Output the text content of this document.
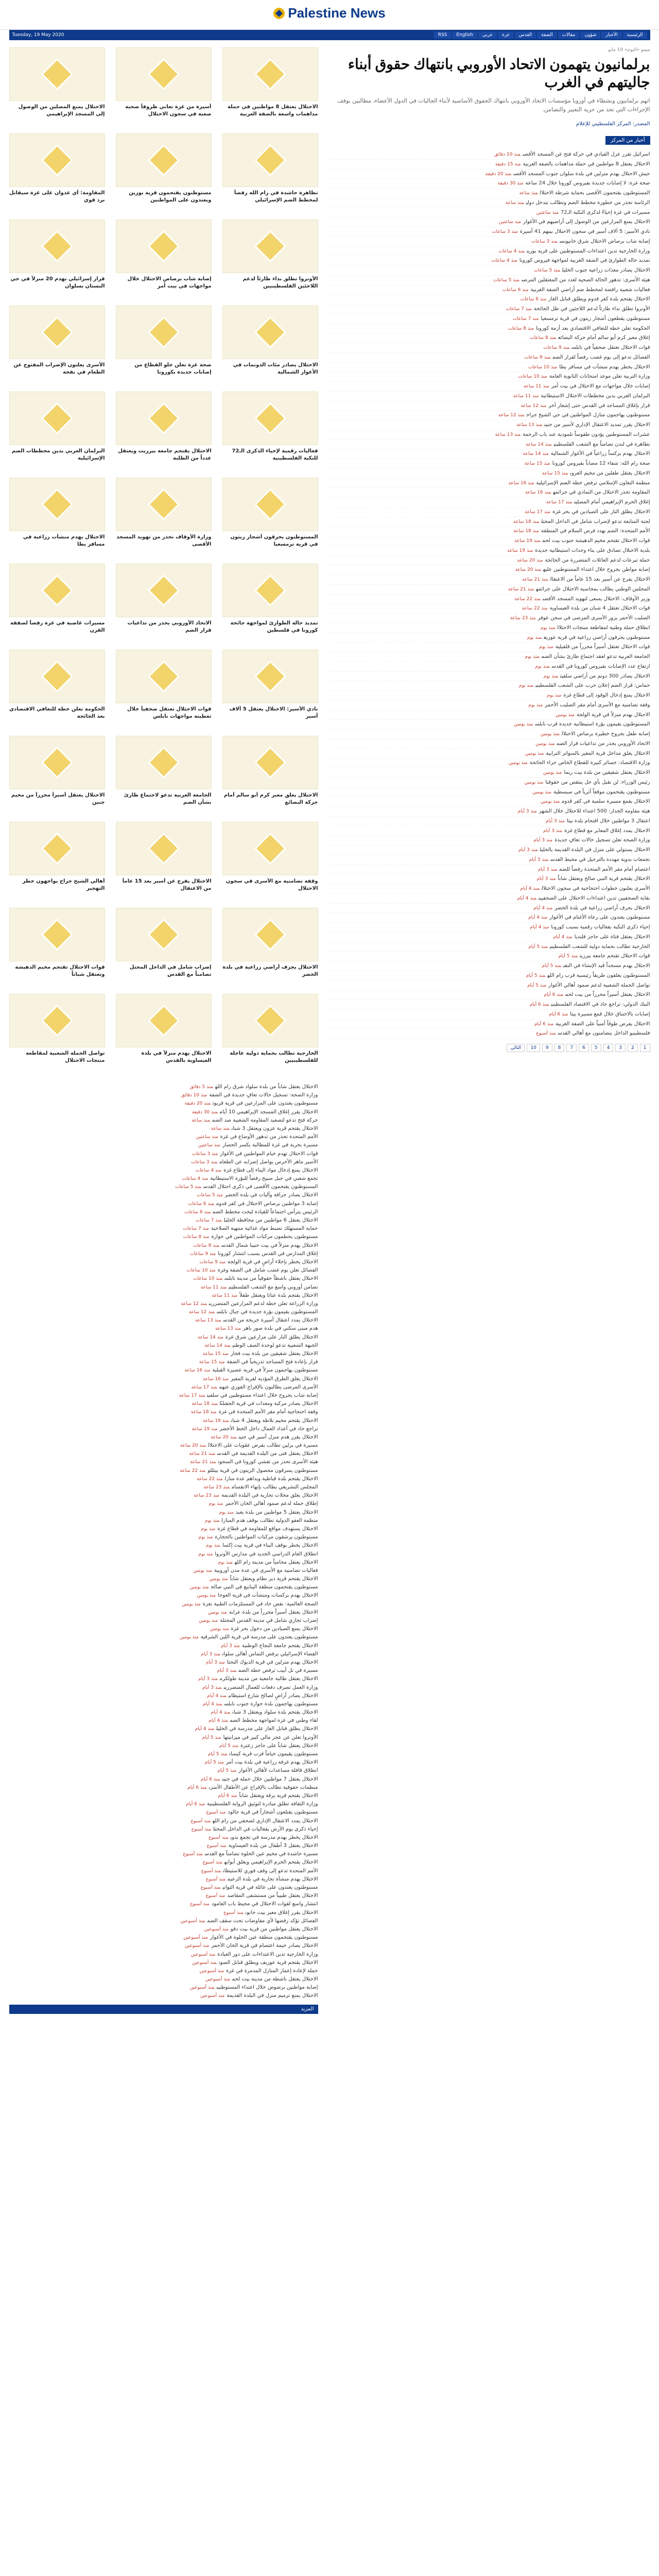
Palestine News
Tuesday, 19 May 2020	الرئيسية
الأخبار
شؤون
مقالات
الضفة
القدس
غزة
عربي
English
RSS

الاحتلال يعتقل 8 مواطنين في حملة مداهمات واسعة بالضفة الغربية

أسيرة من غزة تعاني ظروفاً صحية صعبة في سجون الاحتلال

الاحتلال يمنع المصلين من الوصول إلى المسجد الإبراهيمي

تظاهرة حاشدة في رام الله رفضاً لمخطط الضم الإسرائيلي

مستوطنون يقتحمون قرية بورين ويعتدون على المواطنين

المقاومة: أي عدوان على غزة سيقابل برد قوي

الأونروا تطلق نداء طارئاً لدعم اللاجئين الفلسطينيين

إصابة شاب برصاص الاحتلال خلال مواجهات في بيت أمر

قرار إسرائيلي بهدم 20 منزلاً في حي البستان بسلوان

الاحتلال يصادر مئات الدونمات في الأغوار الشمالية

صحة غزة تعلن خلو القطاع من إصابات جديدة بكورونا

الأسرى يعلنون الإضراب المفتوح عن الطعام في نفحة

فعاليات رقمية لإحياء الذكرى الـ72 للنكبة الفلسطينية

الاحتلال يقتحم جامعة بيرزيت ويعتقل عدداً من الطلبة

البرلمان العربي يدين مخططات الضم الإسرائيلية

المستوطنون يحرقون أشجار زيتون في قرية ترمسعيا

وزارة الأوقاف تحذر من تهويد المسجد الأقصى

الاحتلال يهدم منشآت زراعية في مسافر يطا

تمديد حالة الطوارئ لمواجهة جائحة كورونا في فلسطين

الاتحاد الأوروبي يحذر من تداعيات قرار الضم

مسيرات غاضبة في غزة رفضاً لصفقة القرن

نادي الأسير: الاحتلال يعتقل 5 آلاف أسير

قوات الاحتلال تعتقل صحفياً خلال تغطيته مواجهات نابلس

الحكومة تعلن خطة للتعافي الاقتصادي بعد الجائحة

الاحتلال يغلق معبر كرم أبو سالم أمام حركة البضائع

الجامعة العربية تدعو لاجتماع طارئ بشأن الضم

الاحتلال يعتقل أسيراً محرراً من مخيم جنين

وقفة تضامنية مع الأسرى في سجون الاحتلال

الاحتلال يفرج عن أسير بعد 15 عاماً من الاعتقال

أهالي الشيخ جراح يواجهون خطر التهجير

الاحتلال يجرف أراضي زراعية في بلدة الخضر

إضراب شامل في الداخل المحتل تضامناً مع القدس

قوات الاحتلال تقتحم مخيم الدهيشة وتعتقل شباناً

الخارجية تطالب بحماية دولية عاجلة للفلسطينيين

الاحتلال يهدم منزلاً في بلدة العيساوية بالقدس

تواصل الحملة الشعبية لمقاطعة منتجات الاحتلال

الاحتلال يعتقل شاباً من بلدة سلواد شرق رام اللهمنذ 5 دقائق
وزارة الصحة: تسجيل حالات تعافٍ جديدة في الضفةمنذ 10 دقائق
مستوطنون يعتدون على المزارعين في قرية قريوتمنذ 20 دقيقة
الاحتلال يقرر إغلاق المسجد الإبراهيمي 10 أياممنذ 30 دقيقة
حركة فتح تدعو لتصعيد المقاومة الشعبية ضد الضممنذ ساعة
الاحتلال يقتحم قرية عزون ويعتقل 3 شبانمنذ ساعة
الأمم المتحدة تحذر من تدهور الأوضاع في غزةمنذ ساعتين
مسيرة بحرية في غزة للمطالبة بكسر الحصارمنذ ساعتين
قوات الاحتلال تهدم خيام المواطنين في الأغوارمنذ 3 ساعات
الأسير ماهر الأخرس يواصل إضرابه عن الطعاممنذ 3 ساعات
الاحتلال يمنع إدخال مواد البناء إلى قطاع غزةمنذ 4 ساعات
تجمع شعبي في جبل صبيح رفضاً للبؤرة الاستيطانيةمنذ 4 ساعات
المستوطنون يقتحمون الأقصى في ذكرى احتلال القدسمنذ 5 ساعات
الاحتلال يصادر جرافة وآليات في بلدة الخضرمنذ 5 ساعات
إصابة 3 مواطنين برصاص الاحتلال في كفر قدوممنذ 6 ساعات
الرئيس يترأس اجتماعاً للقيادة لبحث مخطط الضممنذ 6 ساعات
الاحتلال يعتقل 6 مواطنين من محافظة الخليلمنذ 7 ساعات
حماية المستهلك تضبط مواد غذائية منتهية الصلاحيةمنذ 7 ساعات
مستوطنون يحطمون مركبات المواطنين في حوارةمنذ 8 ساعات
الاحتلال يهدم منزلاً في بيت حنينا شمال القدسمنذ 8 ساعات
إغلاق المدارس في القدس بسبب انتشار كورونامنذ 9 ساعات
الاحتلال يخطر بإخلاء أراضٍ في قرية الولجةمنذ 9 ساعات
الفصائل تعلن يوم غضب شامل في الضفة وغزةمنذ 10 ساعات
الاحتلال يعتقل ناشطاً حقوقياً من مدينة نابلسمنذ 10 ساعات
تضامن أوروبي واسع مع الشعب الفلسطينيمنذ 11 ساعة
الاحتلال يقتحم بلدة عناتا ويعتقل طفلاًمنذ 11 ساعة
وزارة الزراعة تعلن خطة لدعم المزارعين المتضررينمنذ 12 ساعة
المستوطنون يقيمون بؤرة جديدة في جبال نابلسمنذ 12 ساعة
الاحتلال يمدد اعتقال أسيرة جريحة من القدسمنذ 13 ساعة
هدم مبنى سكني في بلدة صور باهرمنذ 13 ساعة
الاحتلال يطلق النار على مزارعين شرق غزةمنذ 14 ساعة
الجبهة الشعبية تدعو لوحدة الصف الوطنيمنذ 14 ساعة
الاحتلال يعتقل شقيقين من بلدة بيت فجارمنذ 15 ساعة
قرار بإعادة فتح المساجد تدريجياً في الضفةمنذ 15 ساعة
مستوطنون يهاجمون منزلاً في قرية عصيرة القبليةمنذ 16 ساعة
الاحتلال يغلق الطرق المؤدية لقرية المغيرمنذ 16 ساعة
الأسرى المرضى يطالبون بالإفراج الفوري عنهممنذ 17 ساعة
إصابة شاب بجروح خلال اعتداء مستوطنين في سلفيتمنذ 17 ساعة
الاحتلال يصادر مركبة ومعدات في قرية الجفتلكمنذ 18 ساعة
وقفة احتجاجية أمام مقر الأمم المتحدة في غزةمنذ 18 ساعة
الاحتلال يقتحم مخيم بلاطة ويعتقل 4 شبانمنذ 19 ساعة
تراجع حاد في أعداد العمال داخل الخط الأخضرمنذ 19 ساعة
الاحتلال يقرر هدم منزل أسير في جنينمنذ 20 ساعة
مسيرة في برلين تطالب بفرض عقوبات على الاحتلالمنذ 20 ساعة
الاحتلال يعتقل فتى من البلدة القديمة في القدسمنذ 21 ساعة
هيئة الأسرى تحذر من تفشي كورونا في السجونمنذ 21 ساعة
مستوطنون يسرقون محصول الزيتون في قرية بيتللومنذ 22 ساعة
الاحتلال يقتحم بلدة قباطية ويداهم عدة منازلمنذ 22 ساعة
المجلس التشريعي يطالب بإنهاء الانقساممنذ 23 ساعة
الاحتلال يغلق محلات تجارية في البلدة القديمةمنذ 23 ساعة
إطلاق حملة لدعم صمود أهالي الخان الأحمرمنذ يوم
الاحتلال يعتقل 5 مواطنين من بلدة يعبدمنذ يوم
منظمة العفو الدولية تطالب بوقف هدم المنازلمنذ يوم
الاحتلال يستهدف مواقع للمقاومة في قطاع غزةمنذ يوم
مستوطنون يرشقون مركبات المواطنين بالحجارةمنذ يوم
الاحتلال يخطر بوقف البناء في قرية بيت إكسامنذ يوم
انطلاق العام الدراسي الجديد في مدارس الأونروامنذ يوم
الاحتلال يعتقل محامياً من مدينة رام اللهمنذ يوم
فعاليات تضامنية مع الأسرى في عدة مدن أوروبيةمنذ يومين
الاحتلال يقتحم قرية دير نظام ويعتقل شاباًمنذ يومين
مستوطنون يقتحمون منطقة الينابيع في النبي صالحمنذ يومين
الاحتلال يهدم بركسات ومنشآت في قرية العوجامنذ يومين
الصحة العالمية: نقص حاد في المستلزمات الطبية بغزةمنذ يومين
الاحتلال يعتقل أسيراً محرراً من بلدة عرابةمنذ يومين
إضراب تجاري شامل في مدينة القدس المحتلةمنذ يومين
الاحتلال يمنع الصيادين من دخول بحر غزةمنذ يومين
مستوطنون يعتدون على مدرسة في قرية اللبن الشرقيةمنذ يومين
الاحتلال يقتحم جامعة النجاح الوطنيةمنذ 3 أيام
القضاء الإسرائيلي يرفض التماس أهالي سلوانمنذ 3 أيام
الاحتلال يهدم منزلين في قرية الديوك التحتامنذ 3 أيام
مسيرة في تل أبيب ترفض خطة الضممنذ 3 أيام
الاحتلال يعتقل طالبة جامعية من مدينة طولكرممنذ 3 أيام
وزارة العمل تصرف دفعات للعمال المتضررينمنذ 3 أيام
الاحتلال يصادر أراضٍ لصالح شارع استيطانيمنذ 4 أيام
مستوطنون يهاجمون بلدة حوارة جنوب نابلسمنذ 4 أيام
الاحتلال يقتحم بلدة سلواد ويعتقل 3 شبانمنذ 4 أيام
لقاء وطني في غزة لمواجهة مخطط الضممنذ 4 أيام
الاحتلال يطلق قنابل الغاز على مدرسة في الخليلمنذ 4 أيام
الأونروا تعلن عن عجز مالي كبير في ميزانيتهامنذ 5 أيام
الاحتلال يعتقل شاباً على حاجز زعترةمنذ 5 أيام
مستوطنون يقيمون خياماً قرب قرية كيسانمنذ 5 أيام
الاحتلال يهدم غرفة زراعية في بلدة بيت أمرمنذ 5 أيام
انطلاق قافلة مساعدات لأهالي الأغوارمنذ 5 أيام
الاحتلال يعتقل 7 مواطنين خلال حملة في جنينمنذ 6 أيام
منظمات حقوقية تطالب بالإفراج عن الأطفال الأسرىمنذ 6 أيام
الاحتلال يقتحم قرية برقة ويعتقل شاباًمنذ 6 أيام
وزارة الثقافة تطلق مبادرة لتوثيق الرواية الفلسطينيةمنذ 6 أيام
مستوطنون يقتلعون أشجاراً في قرية جالودمنذ أسبوع
الاحتلال يمدد الاعتقال الإداري لصحفي من رام اللهمنذ أسبوع
إحياء ذكرى يوم الأرض بفعاليات في الداخل المحتلمنذ أسبوع
الاحتلال يخطر بهدم مدرسة في تجمع بدويمنذ أسبوع
الاحتلال يعتقل 3 أطفال من بلدة العيساويةمنذ أسبوع
مسيرة حاشدة في مخيم عين الحلوة تضامناً مع القدسمنذ أسبوع
الاحتلال يقتحم الحرم الإبراهيمي ويغلق أبوابهمنذ أسبوع
الأمم المتحدة تدعو إلى وقف فوري للاستيطانمنذ أسبوع
الاحتلال يهدم منشأة تجارية في بلدة الزعيممنذ أسبوع
مستوطنون يعتدون على عائلة في قرية التوانيمنذ أسبوع
الاحتلال يعتقل طبيباً من مستشفى المقاصدمنذ أسبوع
انتشار واسع لقوات الاحتلال في محيط باب العامودمنذ أسبوع
الاحتلال يقرر إغلاق معبر بيت حانونمنذ أسبوع
الفصائل تؤكد رفضها لأي مفاوضات تحت سقف الضممنذ أسبوعين
الاحتلال يعتقل مواطنين من قرية بيت دقومنذ أسبوعين
مستوطنون يقتحمون منطقة عين الحلوة في الأغوارمنذ أسبوعين
الاحتلال يصادر خيمة اعتصام في قرية الخان الأحمرمنذ أسبوعين
وزارة الخارجية تدين الاعتداءات على دور العبادةمنذ أسبوعين
الاحتلال يقتحم قرية عوريف ويطلق قنابل الصوتمنذ أسبوعين
حملة لإعادة إعمار المنازل المدمرة في غزةمنذ أسبوعين
الاحتلال يعتقل ناشطة من مدينة بيت لحممنذ أسبوعين
إصابة مواطنين برضوض خلال اعتداء المستوطنينمنذ أسبوعين
الاحتلال يمنع ترميم منزل في البلدة القديمةمنذ أسبوعين
المزيد
ميمو «اليوم» 19 مايو
برلمانيون يتهمون الاتحاد الأوروبي بانتهاك حقوق أبناء جاليتهم في الغرب

اتهم برلمانيون ونشطاء في أوروبا مؤسسات الاتحاد الأوروبي بانتهاك الحقوق الأساسية لأبناء الجاليات في الدول الأعضاء، مطالبين بوقف الإجراءات التي تحد من حرية التعبير والتضامن.

المصدر: المركز الفلسطيني للإعلام
أخبار من المركز
اسرائيل تقرر عزل القيادي في حركة فتح عن المسجد الأقصىمنذ 10 دقائق
الاحتلال يعتقل 8 مواطنين في حملة مداهمات بالضفة الغربيةمنذ 15 دقيقة
جيش الاحتلال يهدم منزلين في بلدة سلوان جنوب المسجد الأقصىمنذ 20 دقيقة
صحة غزة: لا إصابات جديدة بفيروس كورونا خلال 24 ساعةمنذ 30 دقيقة
المستوطنون يقتحمون الأقصى بحماية شرطة الاحتلالمنذ ساعة
الرئاسة تحذر من خطورة مخطط الضم وتطالب بتدخل دوليمنذ ساعة
مسيرات في غزة إحياءً لذكرى النكبة الـ72منذ ساعتين
الاحتلال يمنع المزارعين من الوصول إلى أراضيهم في الأغوارمنذ ساعتين
نادي الأسير: 5 آلاف أسير في سجون الاحتلال بينهم 41 أسيرةمنذ 3 ساعات
إصابة شاب برصاص الاحتلال شرق خانيونسمنذ 3 ساعات
وزارة الخارجية تدين اعتداءات المستوطنين على قرية بورينمنذ 4 ساعات
تمديد حالة الطوارئ في الضفة الغربية لمواجهة فيروس كورونامنذ 4 ساعات
الاحتلال يصادر معدات زراعية جنوب الخليلمنذ 5 ساعات
هيئة الأسرى: تدهور الحالة الصحية لعدد من المعتقلين المرضىمنذ 5 ساعات
فعاليات شعبية رافضة لمخطط ضم أراضي الضفة الغربيةمنذ 6 ساعات
الاحتلال يقتحم بلدة كفر قدوم ويطلق قنابل الغازمنذ 6 ساعات
الأونروا تطلق نداء طارئاً لدعم اللاجئين في ظل الجائحةمنذ 7 ساعات
مستوطنون يقطعون أشجار زيتون في قرية ترمسعيامنذ 7 ساعات
الحكومة تعلن خطة للتعافي الاقتصادي بعد أزمة كورونامنذ 8 ساعات
إغلاق معبر كرم أبو سالم أمام حركة البضائعمنذ 8 ساعات
قوات الاحتلال تعتقل صحفياً في نابلسمنذ 9 ساعات
الفصائل تدعو إلى يوم غضب رفضاً لقرار الضممنذ 9 ساعات
الاحتلال يخطر بهدم منشآت في مسافر يطامنذ 10 ساعات
وزارة التربية تعلن موعد امتحانات الثانوية العامةمنذ 10 ساعات
إصابات خلال مواجهات مع الاحتلال في بيت أمرمنذ 11 ساعة
البرلمان العربي يدين مخططات الاحتلال الاستيطانيةمنذ 11 ساعة
قرار بإغلاق المساجد في القدس حتى إشعار آخرمنذ 12 ساعة
مستوطنون يهاجمون منازل المواطنين في حي الشيخ جراحمنذ 12 ساعة
الاحتلال يقرر تمديد الاعتقال الإداري لأسير من جنينمنذ 13 ساعة
عشرات المستوطنين يؤدون طقوساً تلمودية عند باب الرحمةمنذ 13 ساعة
تظاهرة في لندن تضامناً مع الشعب الفلسطينيمنذ 14 ساعة
الاحتلال يهدم بركساً زراعياً في الأغوار الشماليةمنذ 14 ساعة
صحة رام الله: شفاء 12 مصاباً بفيروس كورونامنذ 15 ساعة
الاحتلال يعتقل طفلين من مخيم العروبمنذ 15 ساعة
منظمة التعاون الإسلامي ترفض خطة الضم الإسرائيليةمنذ 16 ساعة
المقاومة تحذر الاحتلال من التمادي في جرائمهمنذ 16 ساعة
إغلاق الحرم الإبراهيمي أمام المصلينمنذ 17 ساعة
الاحتلال يطلق النار على الصيادين في بحر غزةمنذ 17 ساعة
لجنة المتابعة تدعو لإضراب شامل في الداخل المحتلمنذ 18 ساعة
الأمم المتحدة: الضم يهدد فرص السلام في المنطقةمنذ 18 ساعة
قوات الاحتلال تقتحم مخيم الدهيشة جنوب بيت لحممنذ 19 ساعة
بلدية الاحتلال تصادق على بناء وحدات استيطانية جديدةمنذ 19 ساعة
حملة تبرعات لدعم العائلات المتضررة من الجائحةمنذ 20 ساعة
إصابة مواطن بجروح خلال اعتداء المستوطنين عليهمنذ 20 ساعة
الاحتلال يفرج عن أسير بعد 15 عاماً من الاعتقالمنذ 21 ساعة
المجلس الوطني يطالب بمحاسبة الاحتلال على جرائمهمنذ 21 ساعة
وزير الأوقاف: الاحتلال يسعى لتهويد المسجد الأقصىمنذ 22 ساعة
قوات الاحتلال تعتقل 4 شبان من بلدة العيساويةمنذ 22 ساعة
الصليب الأحمر يزور الأسرى المرضى في سجن عوفرمنذ 23 ساعة
انطلاق حملة وطنية لمقاطعة منتجات الاحتلالمنذ يوم
مستوطنون يحرقون أراضي زراعية في قرية عوريفمنذ يوم
قوات الاحتلال تعتقل أسيراً محرراً من قلقيليةمنذ يوم
الجامعة العربية تدعو لعقد اجتماع طارئ بشأن الضممنذ يوم
ارتفاع عدد الإصابات بفيروس كورونا في القدسمنذ يوم
الاحتلال يصادر 300 دونم من أراضي سلفيتمنذ يوم
حماس: قرار الضم إعلان حرب على الشعب الفلسطينيمنذ يوم
الاحتلال يمنع إدخال الوقود إلى قطاع غزةمنذ يوم
وقفة تضامنية مع الأسرى أمام مقر الصليب الأحمرمنذ يوم
الاحتلال يهدم منزلاً في قرية الولجةمنذ يومين
المستوطنون يقيمون بؤرة استيطانية جديدة قرب نابلسمنذ يومين
إصابة طفل بجروح خطيرة برصاص الاحتلالمنذ يومين
الاتحاد الأوروبي يحذر من تداعيات قرار الضممنذ يومين
الاحتلال يغلق مداخل قرية المغير بالسواتر الترابيةمنذ يومين
وزارة الاقتصاد: خسائر كبيرة للقطاع الخاص جراء الجائحةمنذ يومين
الاحتلال يعتقل شقيقين من بلدة بيت ريمامنذ يومين
رئيس الوزراء: لن نقبل بأي حل ينتقص من حقوقنامنذ يومين
مستوطنون يقتحمون موقعاً أثرياً في سبسطيةمنذ يومين
الاحتلال يقمع مسيرة سلمية في كفر قدوممنذ يومين
هيئة مقاومة الجدار: 500 اعتداء للاحتلال خلال الشهرمنذ 3 أيام
اعتقال 3 مواطنين خلال اقتحام بلدة بيتامنذ 3 أيام
الاحتلال يمدد إغلاق المعابر مع قطاع غزةمنذ 3 أيام
وزارة الصحة تعلن تسجيل حالات تعافٍ جديدةمنذ 3 أيام
الاحتلال يستولي على منزل في البلدة القديمة بالخليلمنذ 3 أيام
تجمعات بدوية مهددة بالترحيل في محيط القدسمنذ 3 أيام
اعتصام أمام مقر الأمم المتحدة رفضاً للضممنذ 3 أيام
الاحتلال يقتحم قرية النبي صالح ويعتقل شاباًمنذ 3 أيام
الأسرى يعلنون خطوات احتجاجية في سجون الاحتلالمنذ 4 أيام
نقابة الصحفيين تدين اعتداءات الاحتلال على الصحفيينمنذ 4 أيام
الاحتلال يجرف أراضي زراعية في بلدة الخضرمنذ 4 أيام
مستوطنون يعتدون على رعاة الأغنام في الأغوارمنذ 4 أيام
إحياء ذكرى النكبة بفعاليات رقمية بسبب كورونامنذ 4 أيام
الاحتلال يعتقل فتاة على حاجز قلنديامنذ 4 أيام
الخارجية تطالب بحماية دولية للشعب الفلسطينيمنذ 5 أيام
قوات الاحتلال تقتحم جامعة بيرزيتمنذ 5 أيام
الاحتلال يهدم مسجداً قيد الإنشاء في النقبمنذ 5 أيام
المستوطنون يغلقون طريقاً رئيسية قرب رام اللهمنذ 5 أيام
تواصل الحملة الشعبية لدعم صمود أهالي الأغوارمنذ 5 أيام
الاحتلال يعتقل أسيراً محرراً من بيت لحممنذ 6 أيام
البنك الدولي: تراجع حاد في الاقتصاد الفلسطينيمنذ 6 أيام
إصابات بالاختناق خلال قمع مسيرة بيتامنذ 6 أيام
الاحتلال يفرض طوقاً أمنياً على الضفة الغربيةمنذ 6 أيام
فلسطينيو الداخل يتضامنون مع أهالي القدسمنذ أسبوع
1
2
3
4
5
6
7
8
9
10
التالي
